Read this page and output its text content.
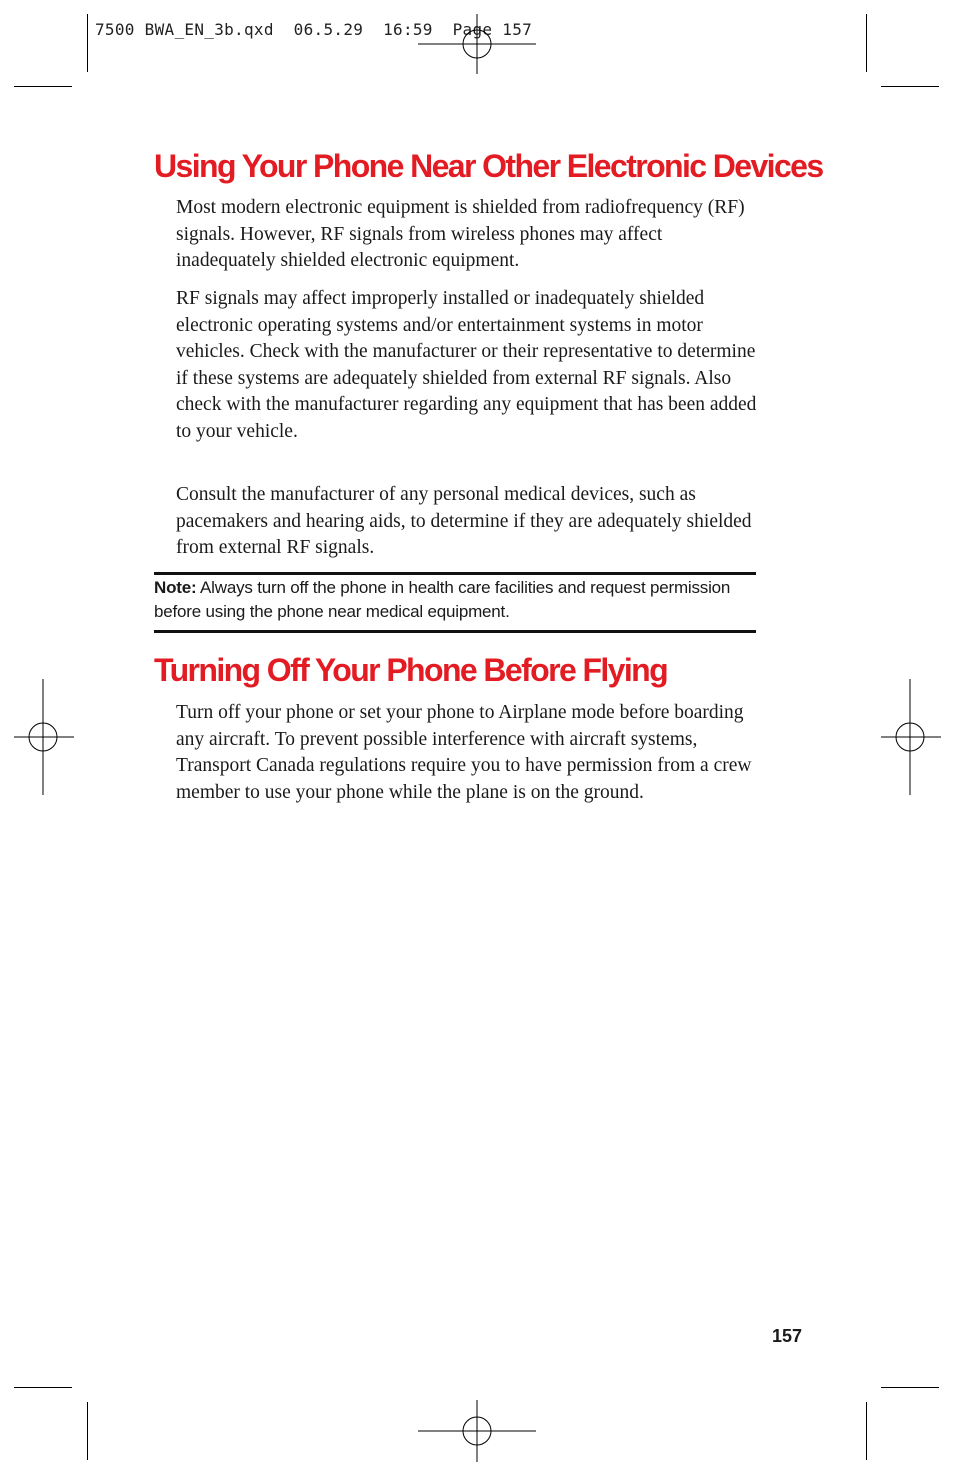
7500 BWA_EN_3b.qxd 06.5.29 16:59 Page 157
Using Your Phone Near Other Electronic Devices

Most modern electronic equipment is shielded from radiofrequency (RF) signals. However, RF signals from wireless phones may affect inadequately shielded electronic equipment.

RF signals may affect improperly installed or inadequately shielded electronic operating systems and/or entertainment systems in motor vehicles. Check with the manufacturer or their representative to determine if these systems are adequately shielded from external RF signals. Also check with the manufacturer regarding any equipment that has been added to your vehicle.

Consult the manufacturer of any personal medical devices, such as pacemakers and hearing aids, to determine if they are adequately shielded from external RF signals.

Note: Always turn off the phone in health care facilities and request permission before using the phone near medical equipment.

Turning Off Your Phone Before Flying

Turn off your phone or set your phone to Airplane mode before boarding any aircraft. To prevent possible interference with aircraft systems, Transport Canada regulations require you to have permission from a crew member to use your phone while the plane is on the ground.

157
